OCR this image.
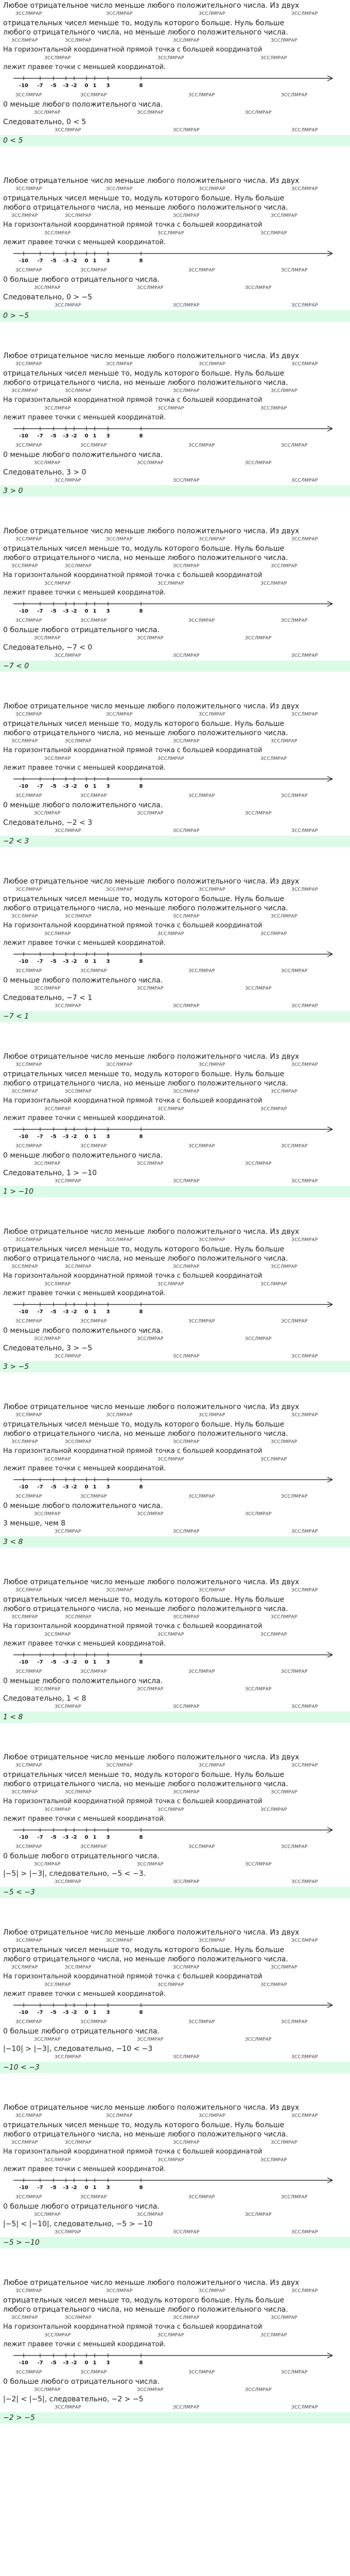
Любое отрицательное число меньше любого положительного числа. Из двух
ЗССЛМРАР	ЗССЛМРАР	ЗССЛМРАР	ЗССЛМРАР
отрицательных чисел меньше то, модуль которого больше. Нуль больше
любого отрицательного числа, но меньше любого положительного числа.
ЗССЛМРАР	ЗССЛМРАР	ЗССЛМРАР	ЗССЛМРАР
На горизонтальной координатной прямой точка с большей координатой
ЗССЛМРАР	ЗССЛМРАР	ЗССЛМРАР
лежит правее точки с меньшей координатой.
-10 -7 -5 -3 -2 0 1 3	8
ЗССЛМРАР	ЗССЛМРАР	ЗССЛМРАР	ЗССЛМРАР
0 меньше любого положительного числа.
ЗССЛМРАР	ЗССЛМРАР	ЗССЛМРАР
Следовательно, 0 < 5
ЗССЛМРАР	ЗССЛМРАР	ЗССЛМРАР
0 < 5
Любое отрицательное число меньше любого положительного числа. Из двух
ЗССЛМРАР	ЗССЛМРАР	ЗССЛМРАР	ЗССЛМРАР
отрицательных чисел меньше то, модуль которого больше. Нуль больше
любого отрицательного числа, но меньше любого положительного числа.
ЗССЛМРАР	ЗССЛМРАР	ЗССЛМРАР	ЗССЛМРАР
На горизонтальной координатной прямой точка с большей координатой
ЗССЛМРАР	ЗССЛМРАР	ЗССЛМРАР
лежит правее точки с меньшей координатой.
-10 -7 -5 -3 -2 0 1 3	8
ЗССЛМРАР	ЗССЛМРАР	ЗССЛМРАР	ЗССЛМРАР
0 больше любого отрицательного числа.
ЗССЛМРАР	ЗССЛМРАР	ЗССЛМРАР
Следовательно, 0 > −5
ЗССЛМРАР	ЗССЛМРАР	ЗССЛМРАР
0 > −5
Любое отрицательное число меньше любого положительного числа. Из двух
ЗССЛМРАР	ЗССЛМРАР	ЗССЛМРАР	ЗССЛМРАР
отрицательных чисел меньше то, модуль которого больше. Нуль больше
любого отрицательного числа, но меньше любого положительного числа.
ЗССЛМРАР	ЗССЛМРАР	ЗССЛМРАР	ЗССЛМРАР
На горизонтальной координатной прямой точка с большей координатой
ЗССЛМРАР	ЗССЛМРАР	ЗССЛМРАР
лежит правее точки с меньшей координатой.
-10 -7 -5 -3 -2 0 1 3	8
ЗССЛМРАР	ЗССЛМРАР	ЗССЛМРАР	ЗССЛМРАР
0 меньше любого положительного числа.
ЗССЛМРАР	ЗССЛМРАР	ЗССЛМРАР
Следовательно, 3 > 0
ЗССЛМРАР	ЗССЛМРАР	ЗССЛМРАР
3 > 0
Любое отрицательное число меньше любого положительного числа. Из двух
ЗССЛМРАР	ЗССЛМРАР	ЗССЛМРАР	ЗССЛМРАР
отрицательных чисел меньше то, модуль которого больше. Нуль больше
любого отрицательного числа, но меньше любого положительного числа.
ЗССЛМРАР	ЗССЛМРАР	ЗССЛМРАР	ЗССЛМРАР
На горизонтальной координатной прямой точка с большей координатой
ЗССЛМРАР	ЗССЛМРАР	ЗССЛМРАР
лежит правее точки с меньшей координатой.
-10 -7 -5 -3 -2 0 1 3	8
ЗССЛМРАР	ЗССЛМРАР	ЗССЛМРАР	ЗССЛМРАР
0 больше любого отрицательного числа.
ЗССЛМРАР	ЗССЛМРАР	ЗССЛМРАР
Следовательно, −7 < 0
ЗССЛМРАР	ЗССЛМРАР	ЗССЛМРАР
−7 < 0
Любое отрицательное число меньше любого положительного числа. Из двух
ЗССЛМРАР	ЗССЛМРАР	ЗССЛМРАР	ЗССЛМРАР
отрицательных чисел меньше то, модуль которого больше. Нуль больше
любого отрицательного числа, но меньше любого положительного числа.
ЗССЛМРАР	ЗССЛМРАР	ЗССЛМРАР	ЗССЛМРАР
На горизонтальной координатной прямой точка с большей координатой
ЗССЛМРАР	ЗССЛМРАР	ЗССЛМРАР
лежит правее точки с меньшей координатой.
-10 -7 -5 -3 -2 0 1 3	8
ЗССЛМРАР	ЗССЛМРАР	ЗССЛМРАР	ЗССЛМРАР
0 меньше любого положительного числа.
ЗССЛМРАР	ЗССЛМРАР	ЗССЛМРАР
Следовательно, −2 < 3
ЗССЛМРАР	ЗССЛМРАР	ЗССЛМРАР
−2 < 3
Любое отрицательное число меньше любого положительного числа. Из двух
ЗССЛМРАР	ЗССЛМРАР	ЗССЛМРАР	ЗССЛМРАР
отрицательных чисел меньше то, модуль которого больше. Нуль больше
любого отрицательного числа, но меньше любого положительного числа.
ЗССЛМРАР	ЗССЛМРАР	ЗССЛМРАР	ЗССЛМРАР
На горизонтальной координатной прямой точка с большей координатой
ЗССЛМРАР	ЗССЛМРАР	ЗССЛМРАР
лежит правее точки с меньшей координатой.
-10 -7 -5 -3 -2 0 1 3	8
ЗССЛМРАР	ЗССЛМРАР	ЗССЛМРАР	ЗССЛМРАР
0 меньше любого положительного числа.
ЗССЛМРАР	ЗССЛМРАР	ЗССЛМРАР
Следовательно, −7 < 1
ЗССЛМРАР	ЗССЛМРАР	ЗССЛМРАР
−7 < 1
Любое отрицательное число меньше любого положительного числа. Из двух
ЗССЛМРАР	ЗССЛМРАР	ЗССЛМРАР	ЗССЛМРАР
отрицательных чисел меньше то, модуль которого больше. Нуль больше
любого отрицательного числа, но меньше любого положительного числа.
ЗССЛМРАР	ЗССЛМРАР	ЗССЛМРАР	ЗССЛМРАР
На горизонтальной координатной прямой точка с большей координатой
ЗССЛМРАР	ЗССЛМРАР	ЗССЛМРАР
лежит правее точки с меньшей координатой.
-10 -7 -5 -3 -2 0 1 3	8
ЗССЛМРАР	ЗССЛМРАР	ЗССЛМРАР	ЗССЛМРАР
0 меньше любого положительного числа.
ЗССЛМРАР	ЗССЛМРАР	ЗССЛМРАР
Следовательно, 1 > −10
ЗССЛМРАР	ЗССЛМРАР	ЗССЛМРАР
1 > −10
Любое отрицательное число меньше любого положительного числа. Из двух
ЗССЛМРАР	ЗССЛМРАР	ЗССЛМРАР	ЗССЛМРАР
отрицательных чисел меньше то, модуль которого больше. Нуль больше
любого отрицательного числа, но меньше любого положительного числа.
ЗССЛМРАР	ЗССЛМРАР	ЗССЛМРАР	ЗССЛМРАР
На горизонтальной координатной прямой точка с большей координатой
ЗССЛМРАР	ЗССЛМРАР	ЗССЛМРАР
лежит правее точки с меньшей координатой.
-10 -7 -5 -3 -2 0 1 3	8
ЗССЛМРАР	ЗССЛМРАР	ЗССЛМРАР	ЗССЛМРАР
0 меньше любого положительного числа.
ЗССЛМРАР	ЗССЛМРАР	ЗССЛМРАР
Следовательно, 3 > −5
ЗССЛМРАР	ЗССЛМРАР	ЗССЛМРАР
3 > −5
Любое отрицательное число меньше любого положительного числа. Из двух
ЗССЛМРАР	ЗССЛМРАР	ЗССЛМРАР	ЗССЛМРАР
отрицательных чисел меньше то, модуль которого больше. Нуль больше
любого отрицательного числа, но меньше любого положительного числа.
ЗССЛМРАР	ЗССЛМРАР	ЗССЛМРАР	ЗССЛМРАР
На горизонтальной координатной прямой точка с большей координатой
ЗССЛМРАР	ЗССЛМРАР	ЗССЛМРАР
лежит правее точки с меньшей координатой.
-10 -7 -5 -3 -2 0 1 3	8
ЗССЛМРАР	ЗССЛМРАР	ЗССЛМРАР	ЗССЛМРАР
0 меньше любого положительного числа.
ЗССЛМРАР	ЗССЛМРАР	ЗССЛМРАР
3 меньше, чем 8
ЗССЛМРАР	ЗССЛМРАР	ЗССЛМРАР
3 < 8
Любое отрицательное число меньше любого положительного числа. Из двух
ЗССЛМРАР	ЗССЛМРАР	ЗССЛМРАР	ЗССЛМРАР
отрицательных чисел меньше то, модуль которого больше. Нуль больше
любого отрицательного числа, но меньше любого положительного числа.
ЗССЛМРАР	ЗССЛМРАР	ЗССЛМРАР	ЗССЛМРАР
На горизонтальной координатной прямой точка с большей координатой
ЗССЛМРАР	ЗССЛМРАР	ЗССЛМРАР
лежит правее точки с меньшей координатой.
-10 -7 -5 -3 -2 0 1 3	8
ЗССЛМРАР	ЗССЛМРАР	ЗССЛМРАР	ЗССЛМРАР
0 меньше любого положительного числа.
ЗССЛМРАР	ЗССЛМРАР	ЗССЛМРАР
Следовательно, 1 < 8
ЗССЛМРАР	ЗССЛМРАР	ЗССЛМРАР
1 < 8
Любое отрицательное число меньше любого положительного числа. Из двух
ЗССЛМРАР	ЗССЛМРАР	ЗССЛМРАР	ЗССЛМРАР
отрицательных чисел меньше то, модуль которого больше. Нуль больше
любого отрицательного числа, но меньше любого положительного числа.
ЗССЛМРАР	ЗССЛМРАР	ЗССЛМРАР	ЗССЛМРАР
На горизонтальной координатной прямой точка с большей координатой
ЗССЛМРАР	ЗССЛМРАР	ЗССЛМРАР
лежит правее точки с меньшей координатой.
-10 -7 -5 -3 -2 0 1 3	8
ЗССЛМРАР	ЗССЛМРАР	ЗССЛМРАР	ЗССЛМРАР
0 больше любого отрицательного числа.
ЗССЛМРАР	ЗССЛМРАР	ЗССЛМРАР
|−5| > |−3|, следовательно, −5 < −3.
ЗССЛМРАР	ЗССЛМРАР	ЗССЛМРАР
−5 < −3
Любое отрицательное число меньше любого положительного числа. Из двух
ЗССЛМРАР	ЗССЛМРАР	ЗССЛМРАР	ЗССЛМРАР
отрицательных чисел меньше то, модуль которого больше. Нуль больше
любого отрицательного числа, но меньше любого положительного числа.
ЗССЛМРАР	ЗССЛМРАР	ЗССЛМРАР	ЗССЛМРАР
На горизонтальной координатной прямой точка с большей координатой
ЗССЛМРАР	ЗССЛМРАР	ЗССЛМРАР
лежит правее точки с меньшей координатой.
-10 -7 -5 -3 -2 0 1 3	8
ЗССЛМРАР	ЗССЛМРАР	ЗССЛМРАР	ЗССЛМРАР
0 больше любого отрицательного числа.
ЗССЛМРАР	ЗССЛМРАР	ЗССЛМРАР
|−10| > |−3|, следовательно, −10 < −3
ЗССЛМРАР	ЗССЛМРАР	ЗССЛМРАР
−10 < −3
Любое отрицательное число меньше любого положительного числа. Из двух
ЗССЛМРАР	ЗССЛМРАР	ЗССЛМРАР	ЗССЛМРАР
отрицательных чисел меньше то, модуль которого больше. Нуль больше
любого отрицательного числа, но меньше любого положительного числа.
ЗССЛМРАР	ЗССЛМРАР	ЗССЛМРАР	ЗССЛМРАР
На горизонтальной координатной прямой точка с большей координатой
ЗССЛМРАР	ЗССЛМРАР	ЗССЛМРАР
лежит правее точки с меньшей координатой.
-10 -7 -5 -3 -2 0 1 3	8
ЗССЛМРАР	ЗССЛМРАР	ЗССЛМРАР	ЗССЛМРАР
0 больше любого отрицательного числа.
ЗССЛМРАР	ЗССЛМРАР	ЗССЛМРАР
|−5| < |−10|, следовательно, −5 > −10
ЗССЛМРАР	ЗССЛМРАР	ЗССЛМРАР
−5 > −10
Любое отрицательное число меньше любого положительного числа. Из двух
ЗССЛМРАР	ЗССЛМРАР	ЗССЛМРАР	ЗССЛМРАР
отрицательных чисел меньше то, модуль которого больше. Нуль больше
любого отрицательного числа, но меньше любого положительного числа.
ЗССЛМРАР	ЗССЛМРАР	ЗССЛМРАР	ЗССЛМРАР
На горизонтальной координатной прямой точка с большей координатой
ЗССЛМРАР	ЗССЛМРАР	ЗССЛМРАР
лежит правее точки с меньшей координатой.
-10 -7 -5 -3 -2 0 1 3	8
ЗССЛМРАР	ЗССЛМРАР	ЗССЛМРАР	ЗССЛМРАР
0 больше любого отрицательного числа.
ЗССЛМРАР	ЗССЛМРАР	ЗССЛМРАР
|−2| < |−5|, следовательно, −2 > −5
ЗССЛМРАР	ЗССЛМРАР	ЗССЛМРАР
−2 > −5
